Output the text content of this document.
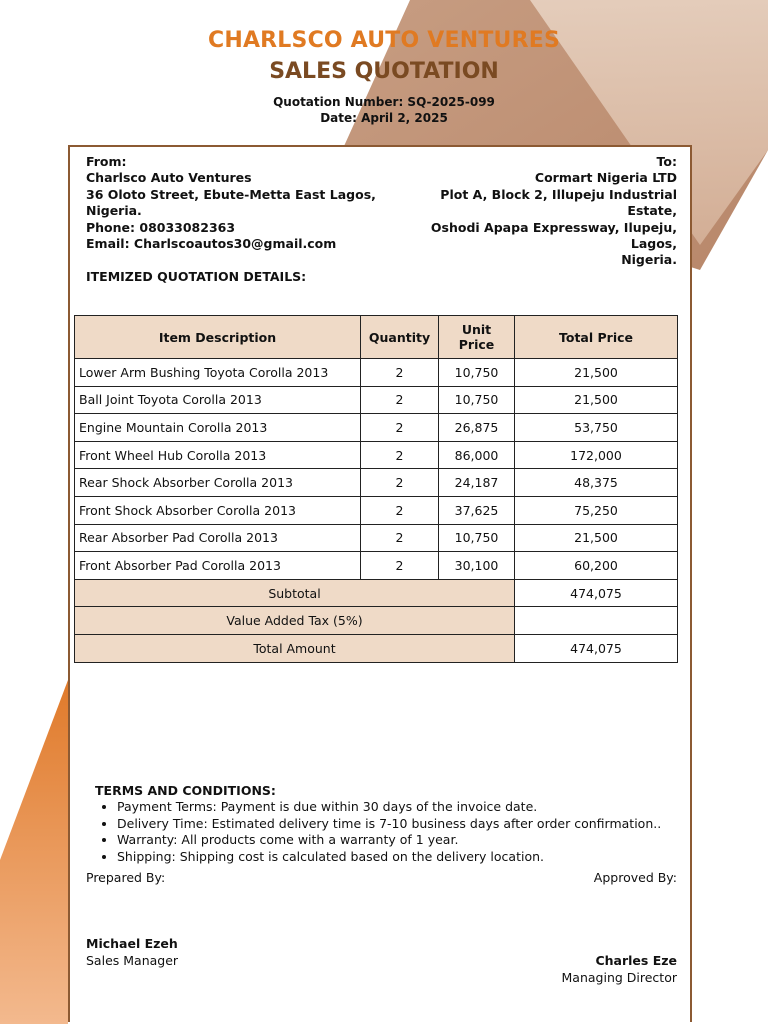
CHARLSCO AUTO VENTURES
SALES QUOTATION
Quotation Number: SQ-2025-099
Date: April 2, 2025
From:
Charlsco Auto Ventures
36 Oloto Street, Ebute-Metta East Lagos,
Nigeria.
Phone: 08033082363
Email: Charlscoautos30@gmail.com
To:
Cormart Nigeria LTD
Plot A, Block 2, Illupeju Industrial Estate,
Oshodi Apapa Expressway, Ilupeju, Lagos,
Nigeria.
ITEMIZED QUOTATION DETAILS:
Item Description	Quantity	Unit Price	Total Price
Lower Arm Bushing Toyota Corolla 2013	2	10,750	21,500
Ball Joint Toyota Corolla 2013	2	10,750	21,500
Engine Mountain Corolla 2013	2	26,875	53,750
Front Wheel Hub Corolla 2013	2	86,000	172,000
Rear Shock Absorber Corolla 2013	2	24,187	48,375
Front Shock Absorber Corolla 2013	2	37,625	75,250
Rear Absorber Pad Corolla 2013	2	10,750	21,500
Front Absorber Pad Corolla 2013	2	30,100	60,200
Subtotal			474,075
Value Added Tax (5%)			
Total Amount			474,075
TERMS AND CONDITIONS:
• Payment Terms: Payment is due within 30 days of the invoice date.
• Delivery Time: Estimated delivery time is 7-10 business days after order confirmation..
• Warranty: All products come with a warranty of 1 year.
• Shipping: Shipping cost is calculated based on the delivery location.
Prepared By:	Approved By:
Michael Ezeh
Sales Manager	Charles Eze
Managing Director
